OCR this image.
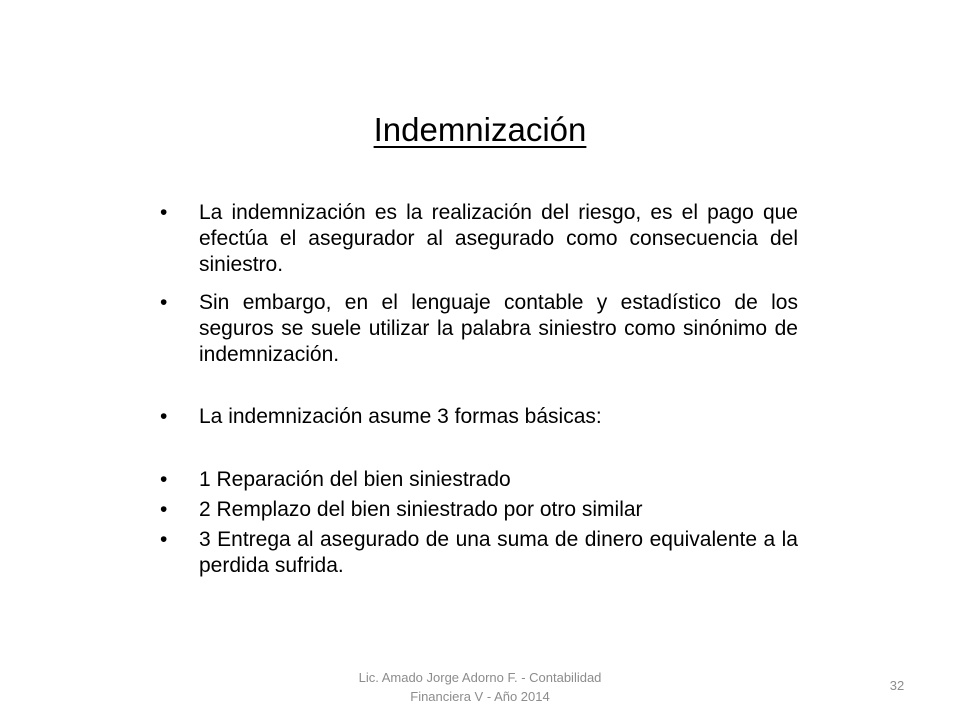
Indemnización
• La indemnización es la realización del riesgo, es el pago que efectúa el asegurador al asegurado como consecuencia del siniestro.
• Sin embargo, en el lenguaje contable y estadístico de los seguros se suele utilizar la palabra siniestro como sinónimo de indemnización.
• La indemnización asume 3 formas básicas:
• 1 Reparación del bien siniestrado
• 2 Remplazo del bien siniestrado por otro similar
• 3 Entrega al asegurado de una suma de dinero equivalente a la perdida sufrida.
Lic. Amado Jorge Adorno F. - Contabilidad Financiera V - Año 2014
32
